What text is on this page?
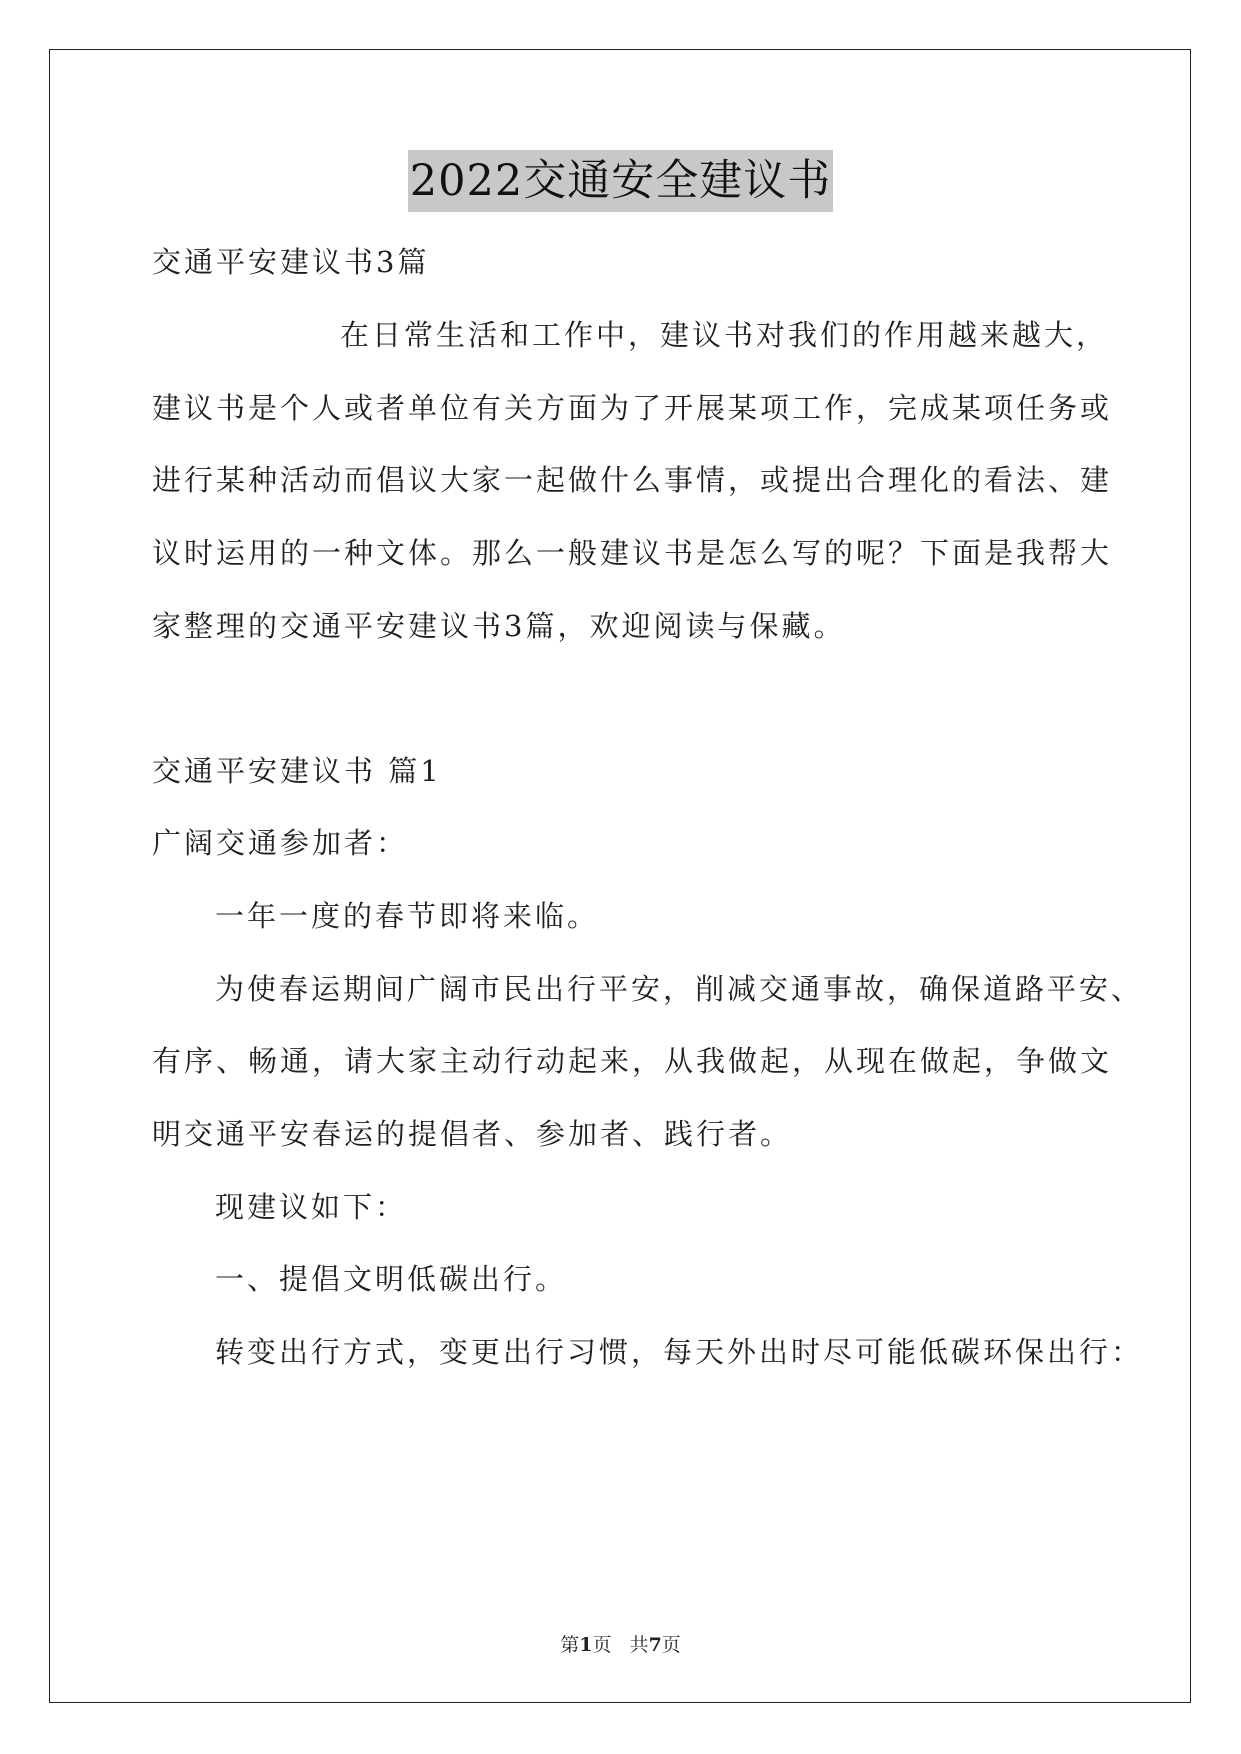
2022交通安全建议书
交通平安建议书3篇
在日常生活和工作中，建议书对我们的作用越来越大，
建议书是个人或者单位有关方面为了开展某项工作，完成某项任务或
进行某种活动而倡议大家一起做什么事情，或提出合理化的看法、建
议时运用的一种文体。那么一般建议书是怎么写的呢？下面是我帮大
家整理的交通平安建议书3篇，欢迎阅读与保藏。
交通平安建议书 篇1
广阔交通参加者：
一年一度的春节即将来临。
为使春运期间广阔市民出行平安，削减交通事故，确保道路平安、
有序、畅通，请大家主动行动起来，从我做起，从现在做起，争做文
明交通平安春运的提倡者、参加者、践行者。
现建议如下：
一、提倡文明低碳出行。
转变出行方式，变更出行习惯，每天外出时尽可能低碳环保出行：
第1页   共7页
